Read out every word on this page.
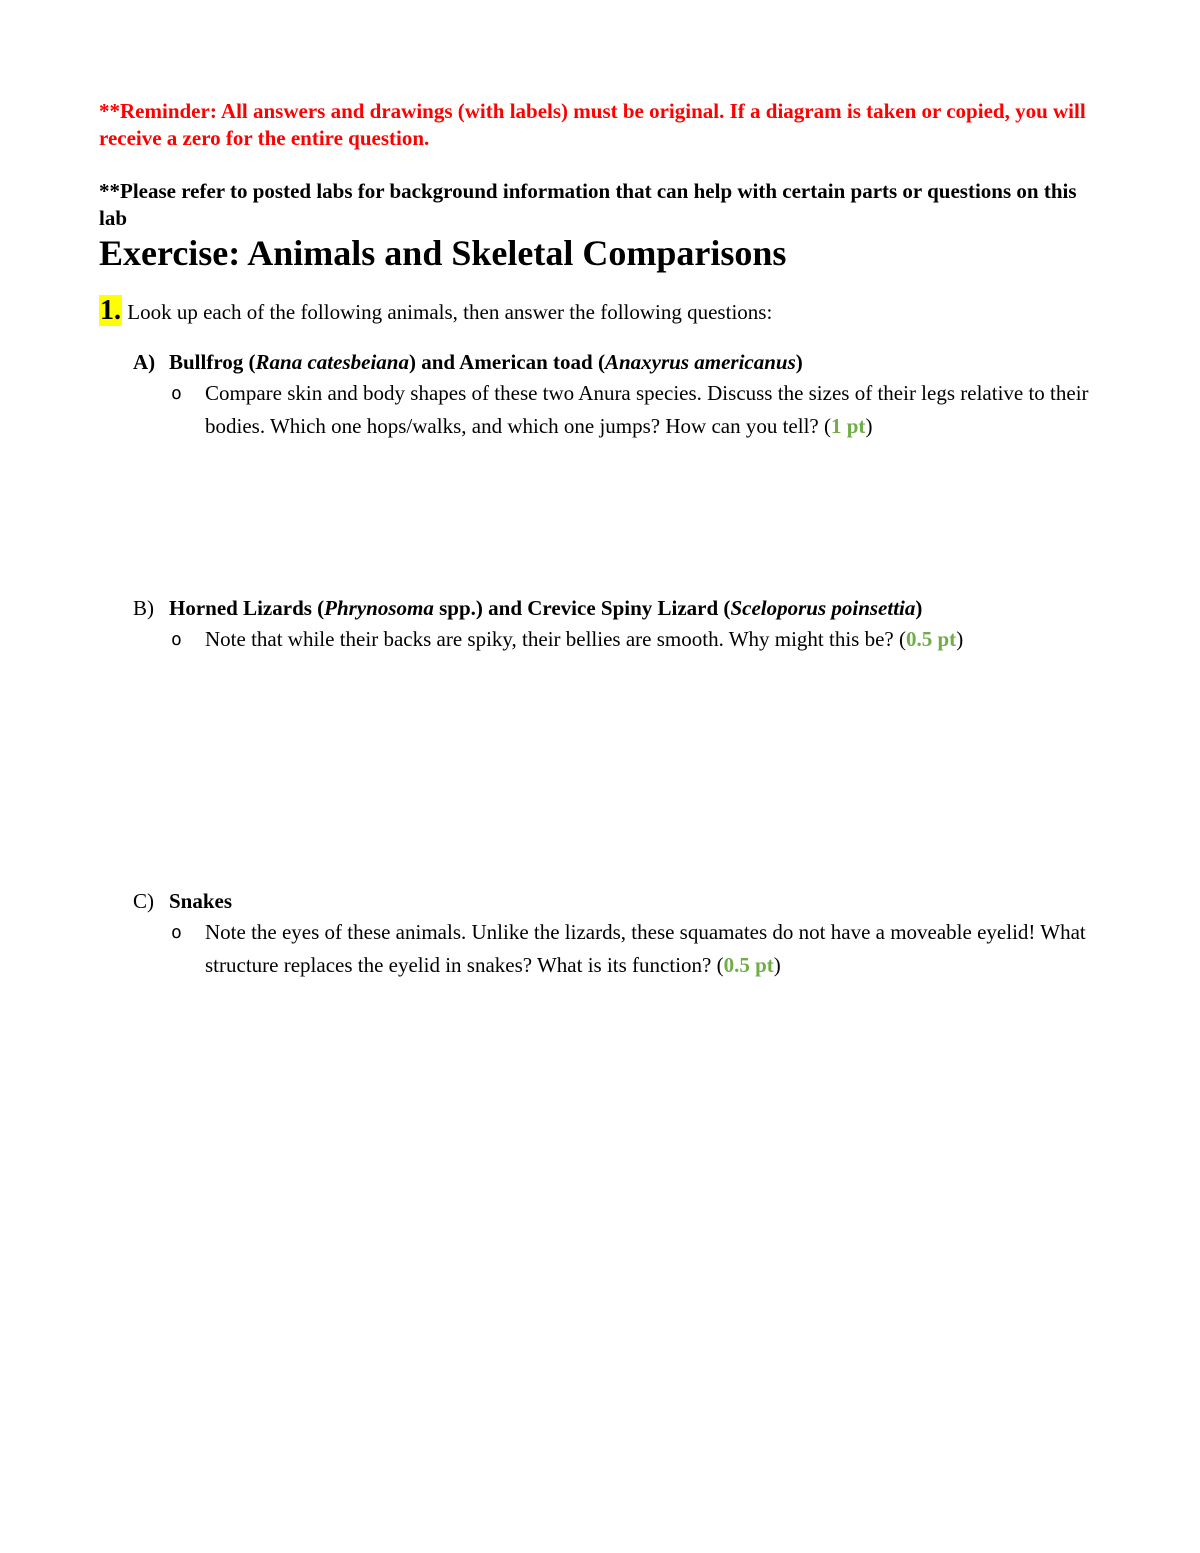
**Reminder: All answers and drawings (with labels) must be original. If a diagram is taken or copied, you will receive a zero for the entire question.

**Please refer to posted labs for background information that can help with certain parts or questions on this lab

Exercise: Animals and Skeletal Comparisons

1. Look up each of the following animals, then answer the following questions:

A) Bullfrog (Rana catesbeiana) and American toad (Anaxyrus americanus)

o Compare skin and body shapes of these two Anura species. Discuss the sizes of their legs relative to their bodies. Which one hops/walks, and which one jumps? How can you tell? (1 pt)

B) Horned Lizards (Phrynosoma spp.) and Crevice Spiny Lizard (Sceloporus poinsettia)

o Note that while their backs are spiky, their bellies are smooth. Why might this be? (0.5 pt)

C) Snakes

o Note the eyes of these animals. Unlike the lizards, these squamates do not have a moveable eyelid! What structure replaces the eyelid in snakes? What is its function? (0.5 pt)
